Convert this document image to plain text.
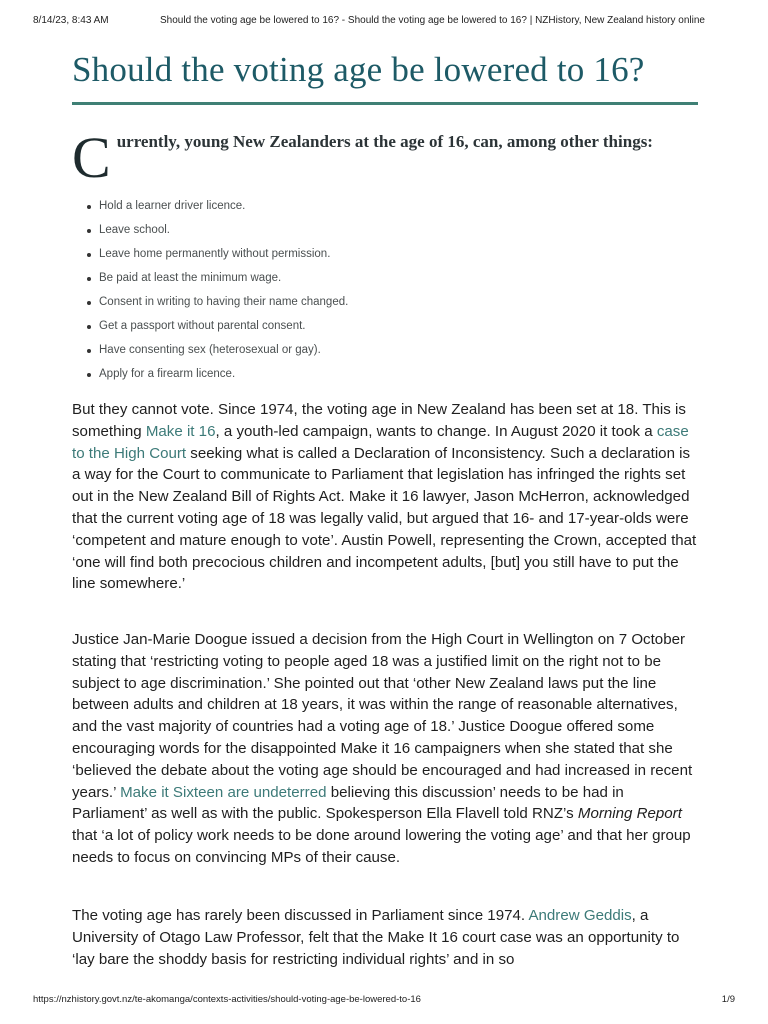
8/14/23, 8:43 AM	Should the voting age be lowered to 16? - Should the voting age be lowered to 16? | NZHistory, New Zealand history online
Should the voting age be lowered to 16?
C urrently, young New Zealanders at the age of 16, can, among other things:
Hold a learner driver licence.
Leave school.
Leave home permanently without permission.
Be paid at least the minimum wage.
Consent in writing to having their name changed.
Get a passport without parental consent.
Have consenting sex (heterosexual or gay).
Apply for a firearm licence.

But they cannot vote. Since 1974, the voting age in New Zealand has been set at 18. This is something Make it 16, a youth-led campaign, wants to change. In August 2020 it took a case to the High Court seeking what is called a Declaration of Inconsistency. Such a declaration is a way for the Court to communicate to Parliament that legislation has infringed the rights set out in the New Zealand Bill of Rights Act. Make it 16 lawyer, Jason McHerron, acknowledged that the current voting age of 18 was legally valid, but argued that 16- and 17-year-olds were ‘competent and mature enough to vote’. Austin Powell, representing the Crown, accepted that ‘one will find both precocious children and incompetent adults, [but] you still have to put the line somewhere.’

Justice Jan-Marie Doogue issued a decision from the High Court in Wellington on 7 October stating that ‘restricting voting to people aged 18 was a justified limit on the right not to be subject to age discrimination.’ She pointed out that ‘other New Zealand laws put the line between adults and children at 18 years, it was within the range of reasonable alternatives, and the vast majority of countries had a voting age of 18.’ Justice Doogue offered some encouraging words for the disappointed Make it 16 campaigners when she stated that she ‘believed the debate about the voting age should be encouraged and had increased in recent years.’ Make it Sixteen are undeterred believing this discussion’ needs to be had in Parliament’ as well as with the public. Spokesperson Ella Flavell told RNZ’s Morning Report that ‘a lot of policy work needs to be done around lowering the voting age’ and that her group needs to focus on convincing MPs of their cause.

The voting age has rarely been discussed in Parliament since 1974. Andrew Geddis, a University of Otago Law Professor, felt that the Make It 16 court case was an opportunity to ‘lay bare the shoddy basis for restricting individual rights’ and in so

https://nzhistory.govt.nz/te-akomanga/contexts-activities/should-voting-age-be-lowered-to-16	1/9
